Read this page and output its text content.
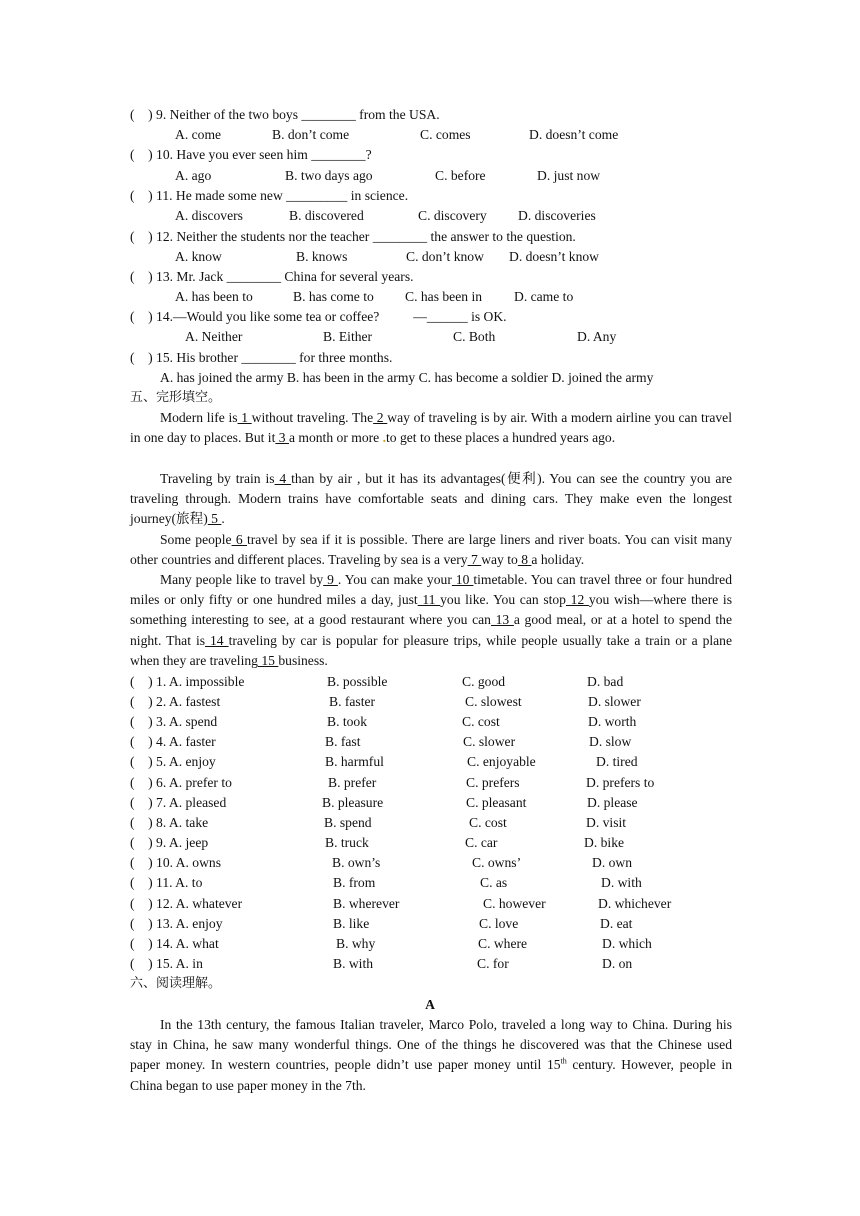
(    ) 9. Neither of the two boys ________ from the USA.
A. come	B. don’t come	C. comes	D. doesn’t come
(    ) 10. Have you ever seen him ________?
A. ago	B. two days ago	C. before	D. just now
(    ) 11. He made some new _________ in science.
A. discovers	B. discovered	C. discovery D. discoveries
(    ) 12. Neither the students nor the teacher ________ the answer to the question.
A. know	B. knows	C. don’t know D. doesn’t know
(    ) 13. Mr. Jack ________ China for several years.
A. has been to	B. has come to C. has been in D. came to
(    ) 14.—Would you like some tea or coffee?          —______ is OK.
A. Neither	B. Either	C. Both	D. Any
(    ) 15. His brother ________ for three months.
A. has joined the army B. has been in the army C. has become a soldier D. joined the army
五、完形填空。
Modern life is 1 without traveling. The 2 way of traveling is by air. With a modern airline you can travel in one day to places. But it 3 a month or more .to get to these places a hundred years ago.
Traveling by train is 4 than by air , but it has its advantages(便利). You can see the country you are traveling through. Modern trains have comfortable seats and dining cars. They make even the longest journey(旅程) 5 .
Some people 6 travel by sea if it is possible. There are large liners and river boats. You can visit many other countries and different places. Traveling by sea is a very 7 way to 8 a holiday.
Many people like to travel by 9 . You can make your 10 timetable. You can travel three or four hundred miles or only fifty or one hundred miles a day, just 11 you like. You can stop 12 you wish—where there is something interesting to see, at a good restaurant where you can 13 a good meal, or at a hotel to spend the night. That is 14 traveling by car is popular for pleasure trips, while people usually take a train or a plane when they are traveling 15 business.
(    ) 1. A. impossible	B. possible	C. good	D. bad
(    ) 2. A. fastest	B. faster	C. slowest	D. slower
(    ) 3. A. spend	B. took	C. cost	D. worth
(    ) 4. A. faster	B. fast	C. slower	D. slow
(    ) 5. A. enjoy	B. harmful	C. enjoyable	D. tired
(    ) 6. A. prefer to	B. prefer	C. prefers	D. prefers to
(    ) 7. A. pleased	B. pleasure	C. pleasant	D. please
(    ) 8. A. take	B. spend	C. cost	D. visit
(    ) 9. A. jeep	B. truck	C. car	D. bike
(    ) 10. A. owns	B. own’s	C. owns’	D. own
(    ) 11. A. to	B. from	C. as	D. with
(    ) 12. A. whatever	B. wherever	C. however	D. whichever
(    ) 13. A. enjoy	B. like	C. love	D. eat
(    ) 14. A. what	B. why	C. where	D. which
(    ) 15. A. in	B. with	C. for	D. on
六、阅读理解。
A
In the 13th century, the famous Italian traveler, Marco Polo, traveled a long way to China. During his stay in China, he saw many wonderful things. One of the things he discovered was that the Chinese used paper money. In western countries, people didn’t use paper money until 15th century. However, people in China began to use paper money in the 7th.
